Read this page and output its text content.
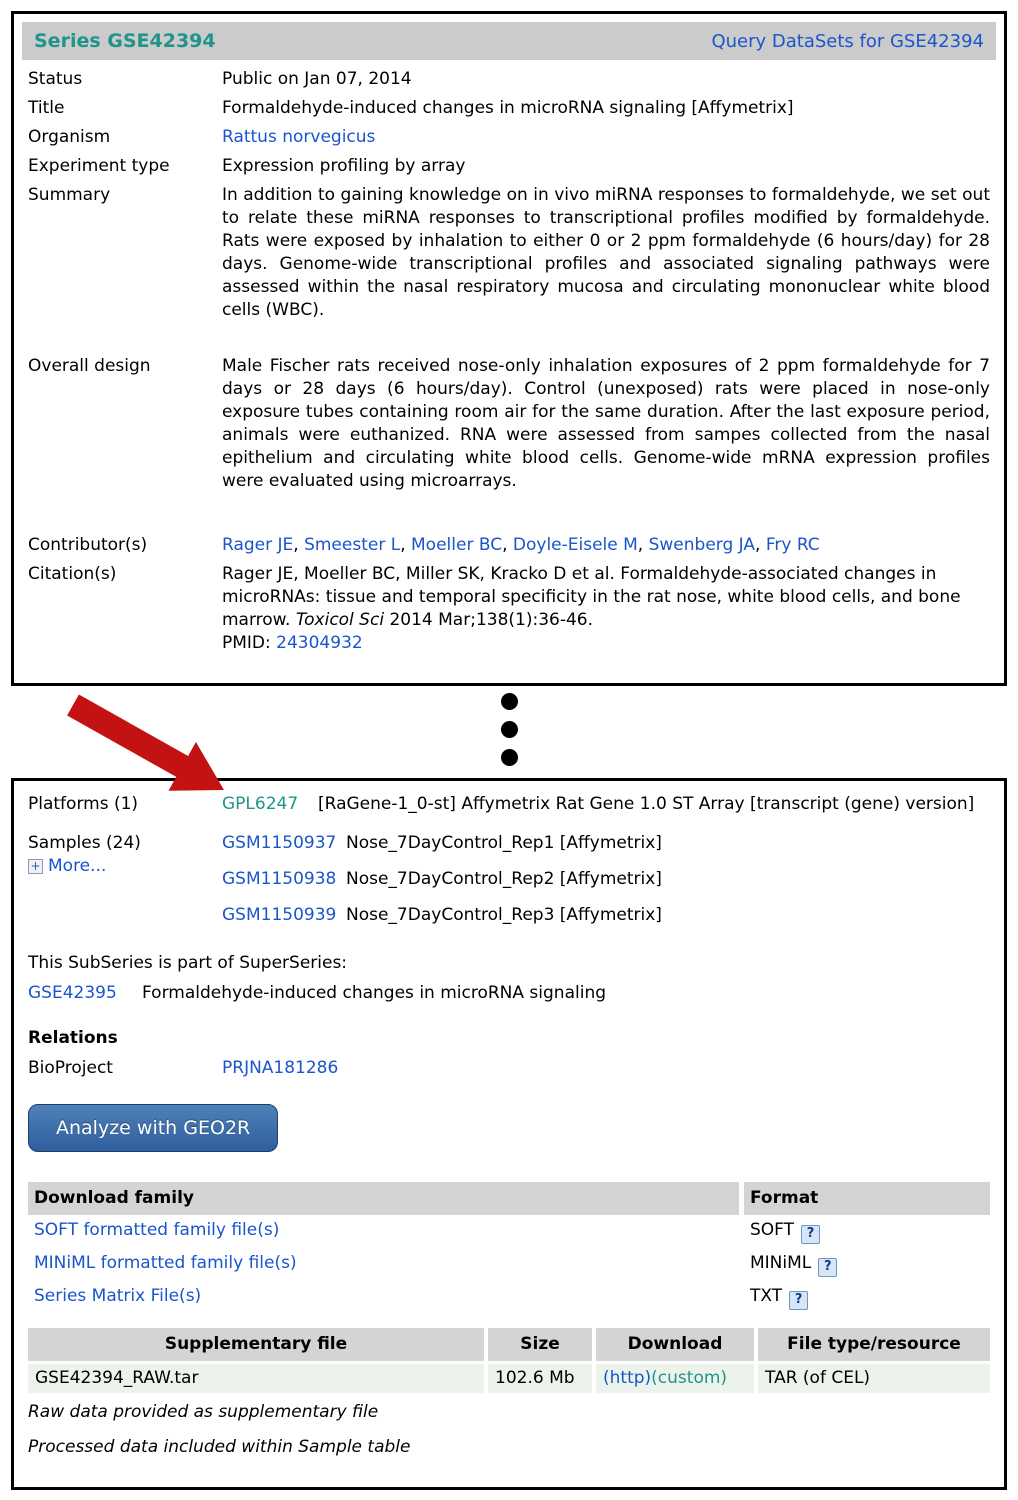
Series GSE42394	Query DataSets for GSE42394
Status	Public on Jan 07, 2014
Title	Formaldehyde-induced changes in microRNA signaling [Affymetrix]
Organism	Rattus norvegicus
Experiment type	Expression profiling by array
Summary	In addition to gaining knowledge on in vivo miRNA responses to formaldehyde, we set out to relate these miRNA responses to transcriptional profiles modified by formaldehyde. Rats were exposed by inhalation to either 0 or 2 ppm formaldehyde (6 hours/day) for 28 days. Genome-wide transcriptional profiles and associated signaling pathways were assessed within the nasal respiratory mucosa and circulating mononuclear white blood cells (WBC).
Overall design	Male Fischer rats received nose-only inhalation exposures of 2 ppm formaldehyde for 7 days or 28 days (6 hours/day). Control (unexposed) rats were placed in nose-only exposure tubes containing room air for the same duration. After the last exposure period, animals were euthanized. RNA were assessed from sampes collected from the nasal epithelium and circulating white blood cells. Genome-wide mRNA expression profiles were evaluated using microarrays.
Contributor(s)	Rager JE, Smeester L, Moeller BC, Doyle-Eisele M, Swenberg JA, Fry RC
Citation(s)	Rager JE, Moeller BC, Miller SK, Kracko D et al. Formaldehyde-associated changes in microRNAs: tissue and temporal specificity in the rat nose, white blood cells, and bone marrow. Toxicol Sci 2014 Mar;138(1):36-46.
PMID: 24304932
Platforms (1)	GPL6247	[RaGene-1_0-st] Affymetrix Rat Gene 1.0 ST Array [transcript (gene) version]
Samples (24)
+More...
GSM1150937 Nose_7DayControl_Rep1 [Affymetrix]
GSM1150938 Nose_7DayControl_Rep2 [Affymetrix]
GSM1150939 Nose_7DayControl_Rep3 [Affymetrix]
This SubSeries is part of SuperSeries:
GSE42395	Formaldehyde-induced changes in microRNA signaling
Relations
BioProject	PRJNA181286
Analyze with GEO2R
Download family	Format
SOFT formatted family file(s)	SOFT?
MINiML formatted family file(s)	MINiML?
Series Matrix File(s)	TXT?
Supplementary file	Size	Download	File type/resource
GSE42394_RAW.tar	102.6 Mb	(http)(custom)	TAR (of CEL)
Raw data provided as supplementary file
Processed data included within Sample table
